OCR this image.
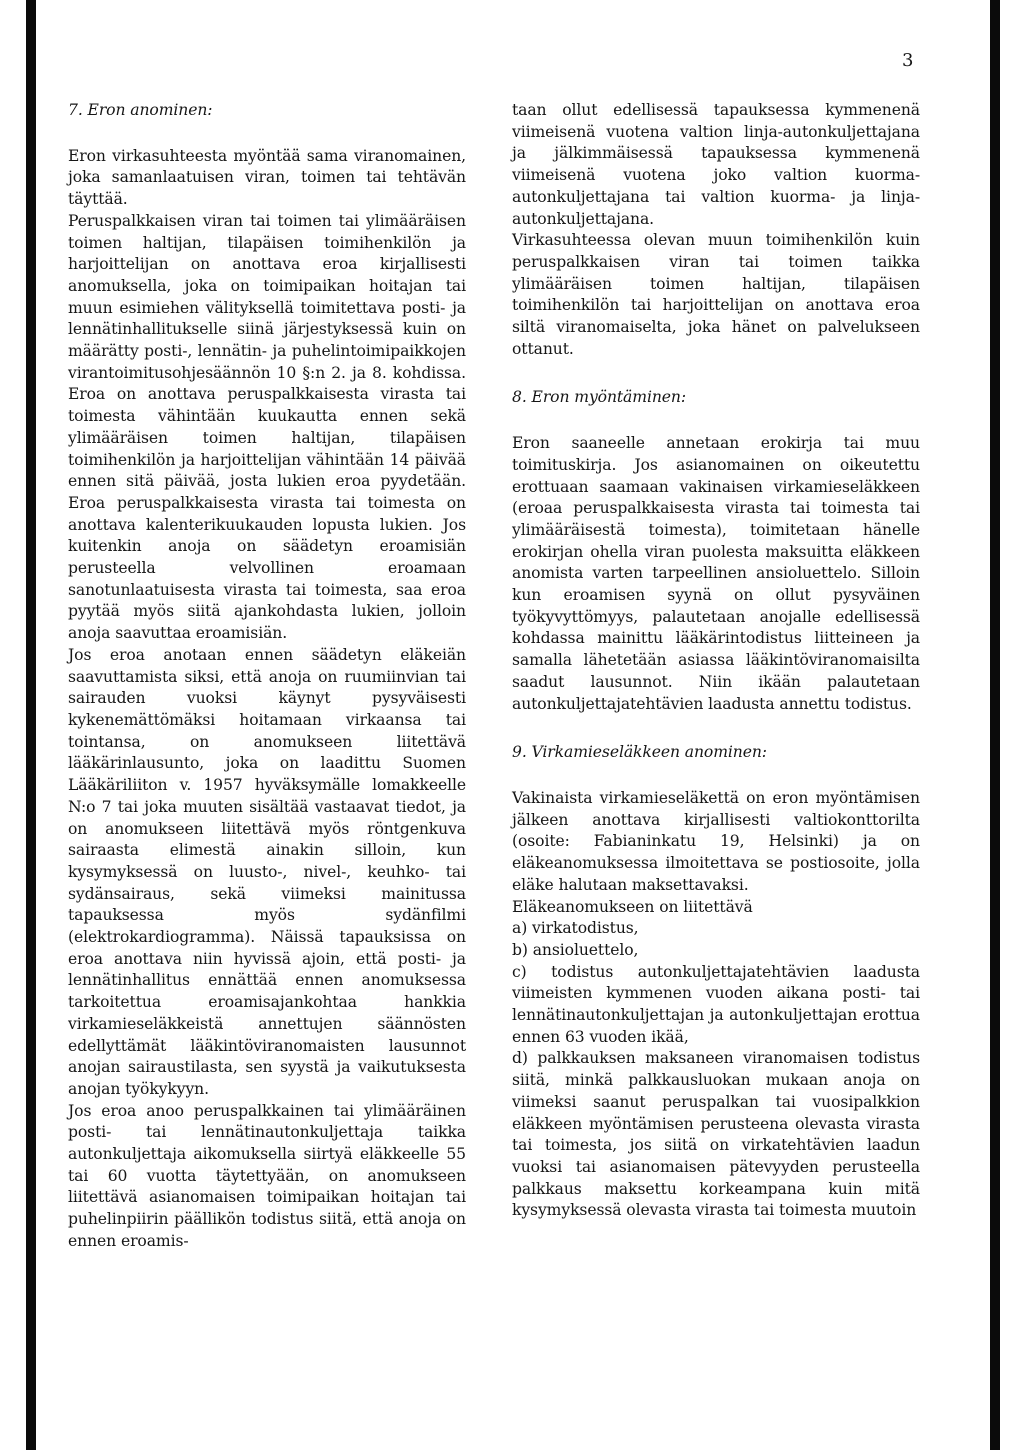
3
7. Eron anominen:

Eron virkasuhteesta myöntää sama viranomainen, joka samanlaatuisen viran, toimen tai tehtävän täyttää.

Peruspalkkaisen viran tai toimen tai ylimääräisen toimen haltijan, tilapäisen toimihenkilön ja harjoittelijan on anottava eroa kirjallisesti anomuksella, joka on toimipaikan hoitajan tai muun esimiehen välityksellä toimitettava posti- ja lennätinhallitukselle siinä järjestyksessä kuin on määrätty posti-, lennätin- ja puhelintoimipaikkojen virantoimitusohjesäännön 10 §:n 2. ja 8. kohdissa. Eroa on anottava peruspalkkaisesta virasta tai toimesta vähintään kuukautta ennen sekä ylimääräisen toimen haltijan, tilapäisen toimihenkilön ja harjoittelijan vähintään 14 päivää ennen sitä päivää, josta lukien eroa pyydetään. Eroa peruspalkkaisesta virasta tai toimesta on anottava kalenterikuukauden lopusta lukien. Jos kuitenkin anoja on säädetyn eroamisiän perusteella velvollinen eroamaan sanotunlaatuisesta virasta tai toimesta, saa eroa pyytää myös siitä ajankohdasta lukien, jolloin anoja saavuttaa eroamisiän.

Jos eroa anotaan ennen säädetyn eläkeiän saavuttamista siksi, että anoja on ruumiinvian tai sairauden vuoksi käynyt pysyväisesti kykenemättömäksi hoitamaan virkaansa tai tointansa, on anomukseen liitettävä lääkärinlausunto, joka on laadittu Suomen Lääkäriliiton v. 1957 hyväksymälle lomakkeelle N:o 7 tai joka muuten sisältää vastaavat tiedot, ja on anomukseen liitettävä myös röntgenkuva sairaasta elimestä ainakin silloin, kun kysymyksessä on luusto-, nivel-, keuhko- tai sydänsairaus, sekä viimeksi mainitussa tapauksessa myös sydänfilmi (elektrokardiogramma). Näissä tapauksissa on eroa anottava niin hyvissä ajoin, että posti- ja lennätinhallitus ennättää ennen anomuksessa tarkoitettua eroamisajankohtaa hankkia virkamieseläkkeistä annettujen säännösten edellyttämät lääkintöviranomaisten lausunnot anojan sairaustilasta, sen syystä ja vaikutuksesta anojan työkykyyn.

Jos eroa anoo peruspalkkainen tai ylimääräinen posti- tai lennätinautonkuljettaja taikka autonkuljettaja aikomuksella siirtyä eläkkeelle 55 tai 60 vuotta täytettyään, on anomukseen liitettävä asianomaisen toimipaikan hoitajan tai puhelinpiirin päällikön todistus siitä, että anoja on ennen eroamis-

taan ollut edellisessä tapauksessa kymmenenä viimeisenä vuotena valtion linja-autonkuljettajana ja jälkimmäisessä tapauksessa kymmenenä viimeisenä vuotena joko valtion kuorma-autonkuljettajana tai valtion kuorma- ja linja-autonkuljettajana.

Virkasuhteessa olevan muun toimihenkilön kuin peruspalkkaisen viran tai toimen taikka ylimääräisen toimen haltijan, tilapäisen toimihenkilön tai harjoittelijan on anottava eroa siltä viranomaiselta, joka hänet on palvelukseen ottanut.

8. Eron myöntäminen:

Eron saaneelle annetaan erokirja tai muu toimituskirja. Jos asianomainen on oikeutettu erottuaan saamaan vakinaisen virkamieseläkkeen (eroaa peruspalkkaisesta virasta tai toimesta tai ylimääräisestä toimesta), toimitetaan hänelle erokirjan ohella viran puolesta maksuitta eläkkeen anomista varten tarpeellinen ansioluettelo. Silloin kun eroamisen syynä on ollut pysyväinen työkyvyttömyys, palautetaan anojalle edellisessä kohdassa mainittu lääkärintodistus liitteineen ja samalla lähetetään asiassa lääkintöviranomaisilta saadut lausunnot. Niin ikään palautetaan autonkuljettajatehtävien laadusta annettu todistus.

9. Virkamieseläkkeen anominen:

Vakinaista virkamieseläkettä on eron myöntämisen jälkeen anottava kirjallisesti valtiokonttorilta (osoite: Fabianinkatu 19, Helsinki) ja on eläkeanomuksessa ilmoitettava se postiosoite, jolla eläke halutaan maksettavaksi.

Eläkeanomukseen on liitettävä

a) virkatodistus,

b) ansioluettelo,

c) todistus autonkuljettajatehtävien laadusta viimeisten kymmenen vuoden aikana posti- tai lennätinautonkuljettajan ja autonkuljettajan erottua ennen 63 vuoden ikää,

d) palkkauksen maksaneen viranomaisen todistus siitä, minkä palkkausluokan mukaan anoja on viimeksi saanut peruspalkan tai vuosipalkkion eläkkeen myöntämisen perusteena olevasta virasta tai toimesta, jos siitä on virkatehtävien laadun vuoksi tai asianomaisen pätevyyden perusteella palkkaus maksettu korkeampana kuin mitä kysymyksessä olevasta virasta tai toimesta muutoin
